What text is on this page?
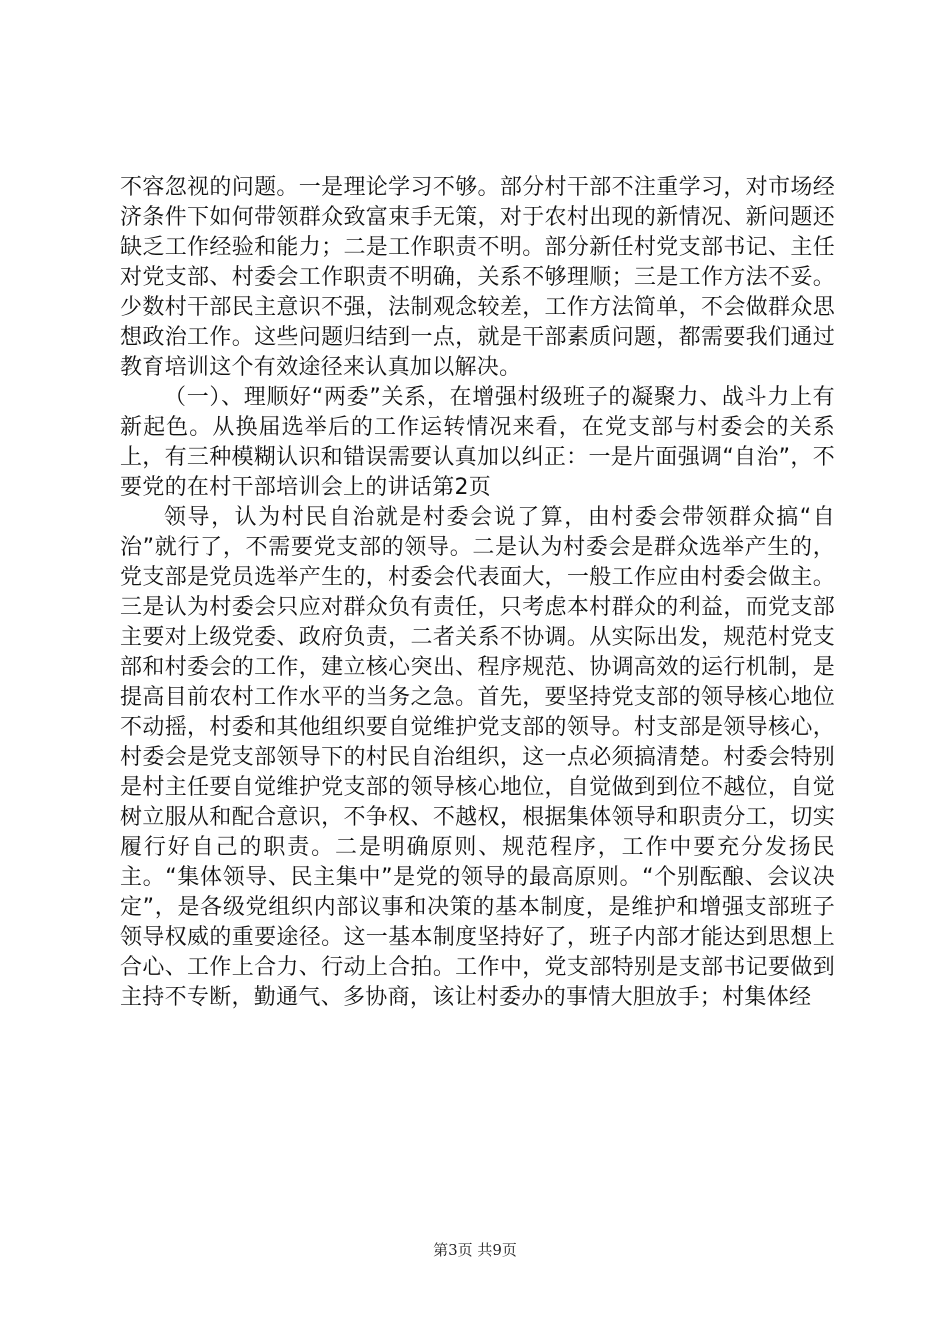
不容忽视的问题。一是理论学习不够。部分村干部不注重学习，对市场经济条件下如何带领群众致富束手无策，对于农村出现的新情况、新问题还缺乏工作经验和能力；二是工作职责不明。部分新任村党支部书记、主任对党支部、村委会工作职责不明确，关系不够理顺；三是工作方法不妥。少数村干部民主意识不强，法制观念较差，工作方法简单，不会做群众思想政治工作。这些问题归结到一点，就是干部素质问题，都需要我们通过教育培训这个有效途径来认真加以解决。

（一）、理顺好“两委”关系，在增强村级班子的凝聚力、战斗力上有新起色。从换届选举后的工作运转情况来看，在党支部与村委会的关系上，有三种模糊认识和错误需要认真加以纠正：一是片面强调“自治”，不要党的在村干部培训会上的讲话第2页

领导，认为村民自治就是村委会说了算，由村委会带领群众搞“自治”就行了，不需要党支部的领导。二是认为村委会是群众选举产生的，党支部是党员选举产生的，村委会代表面大，一般工作应由村委会做主。三是认为村委会只应对群众负有责任，只考虑本村群众的利益，而党支部主要对上级党委、政府负责，二者关系不协调。从实际出发，规范村党支部和村委会的工作，建立核心突出、程序规范、协调高效的运行机制，是提高目前农村工作水平的当务之急。首先，要坚持党支部的领导核心地位不动摇，村委和其他组织要自觉维护党支部的领导。村支部是领导核心，村委会是党支部领导下的村民自治组织，这一点必须搞清楚。村委会特别是村主任要自觉维护党支部的领导核心地位，自觉做到到位不越位，自觉树立服从和配合意识，不争权、不越权，根据集体领导和职责分工，切实履行好自己的职责。二是明确原则、规范程序，工作中要充分发扬民主。“集体领导、民主集中”是党的领导的最高原则。“个别酝酿、会议决定”，是各级党组织内部议事和决策的基本制度，是维护和增强支部班子领导权威的重要途径。这一基本制度坚持好了，班子内部才能达到思想上合心、工作上合力、行动上合拍。工作中，党支部特别是支部书记要做到主持不专断，勤通气、多协商，该让村委办的事情大胆放手；村集体经

第3页 共9页
